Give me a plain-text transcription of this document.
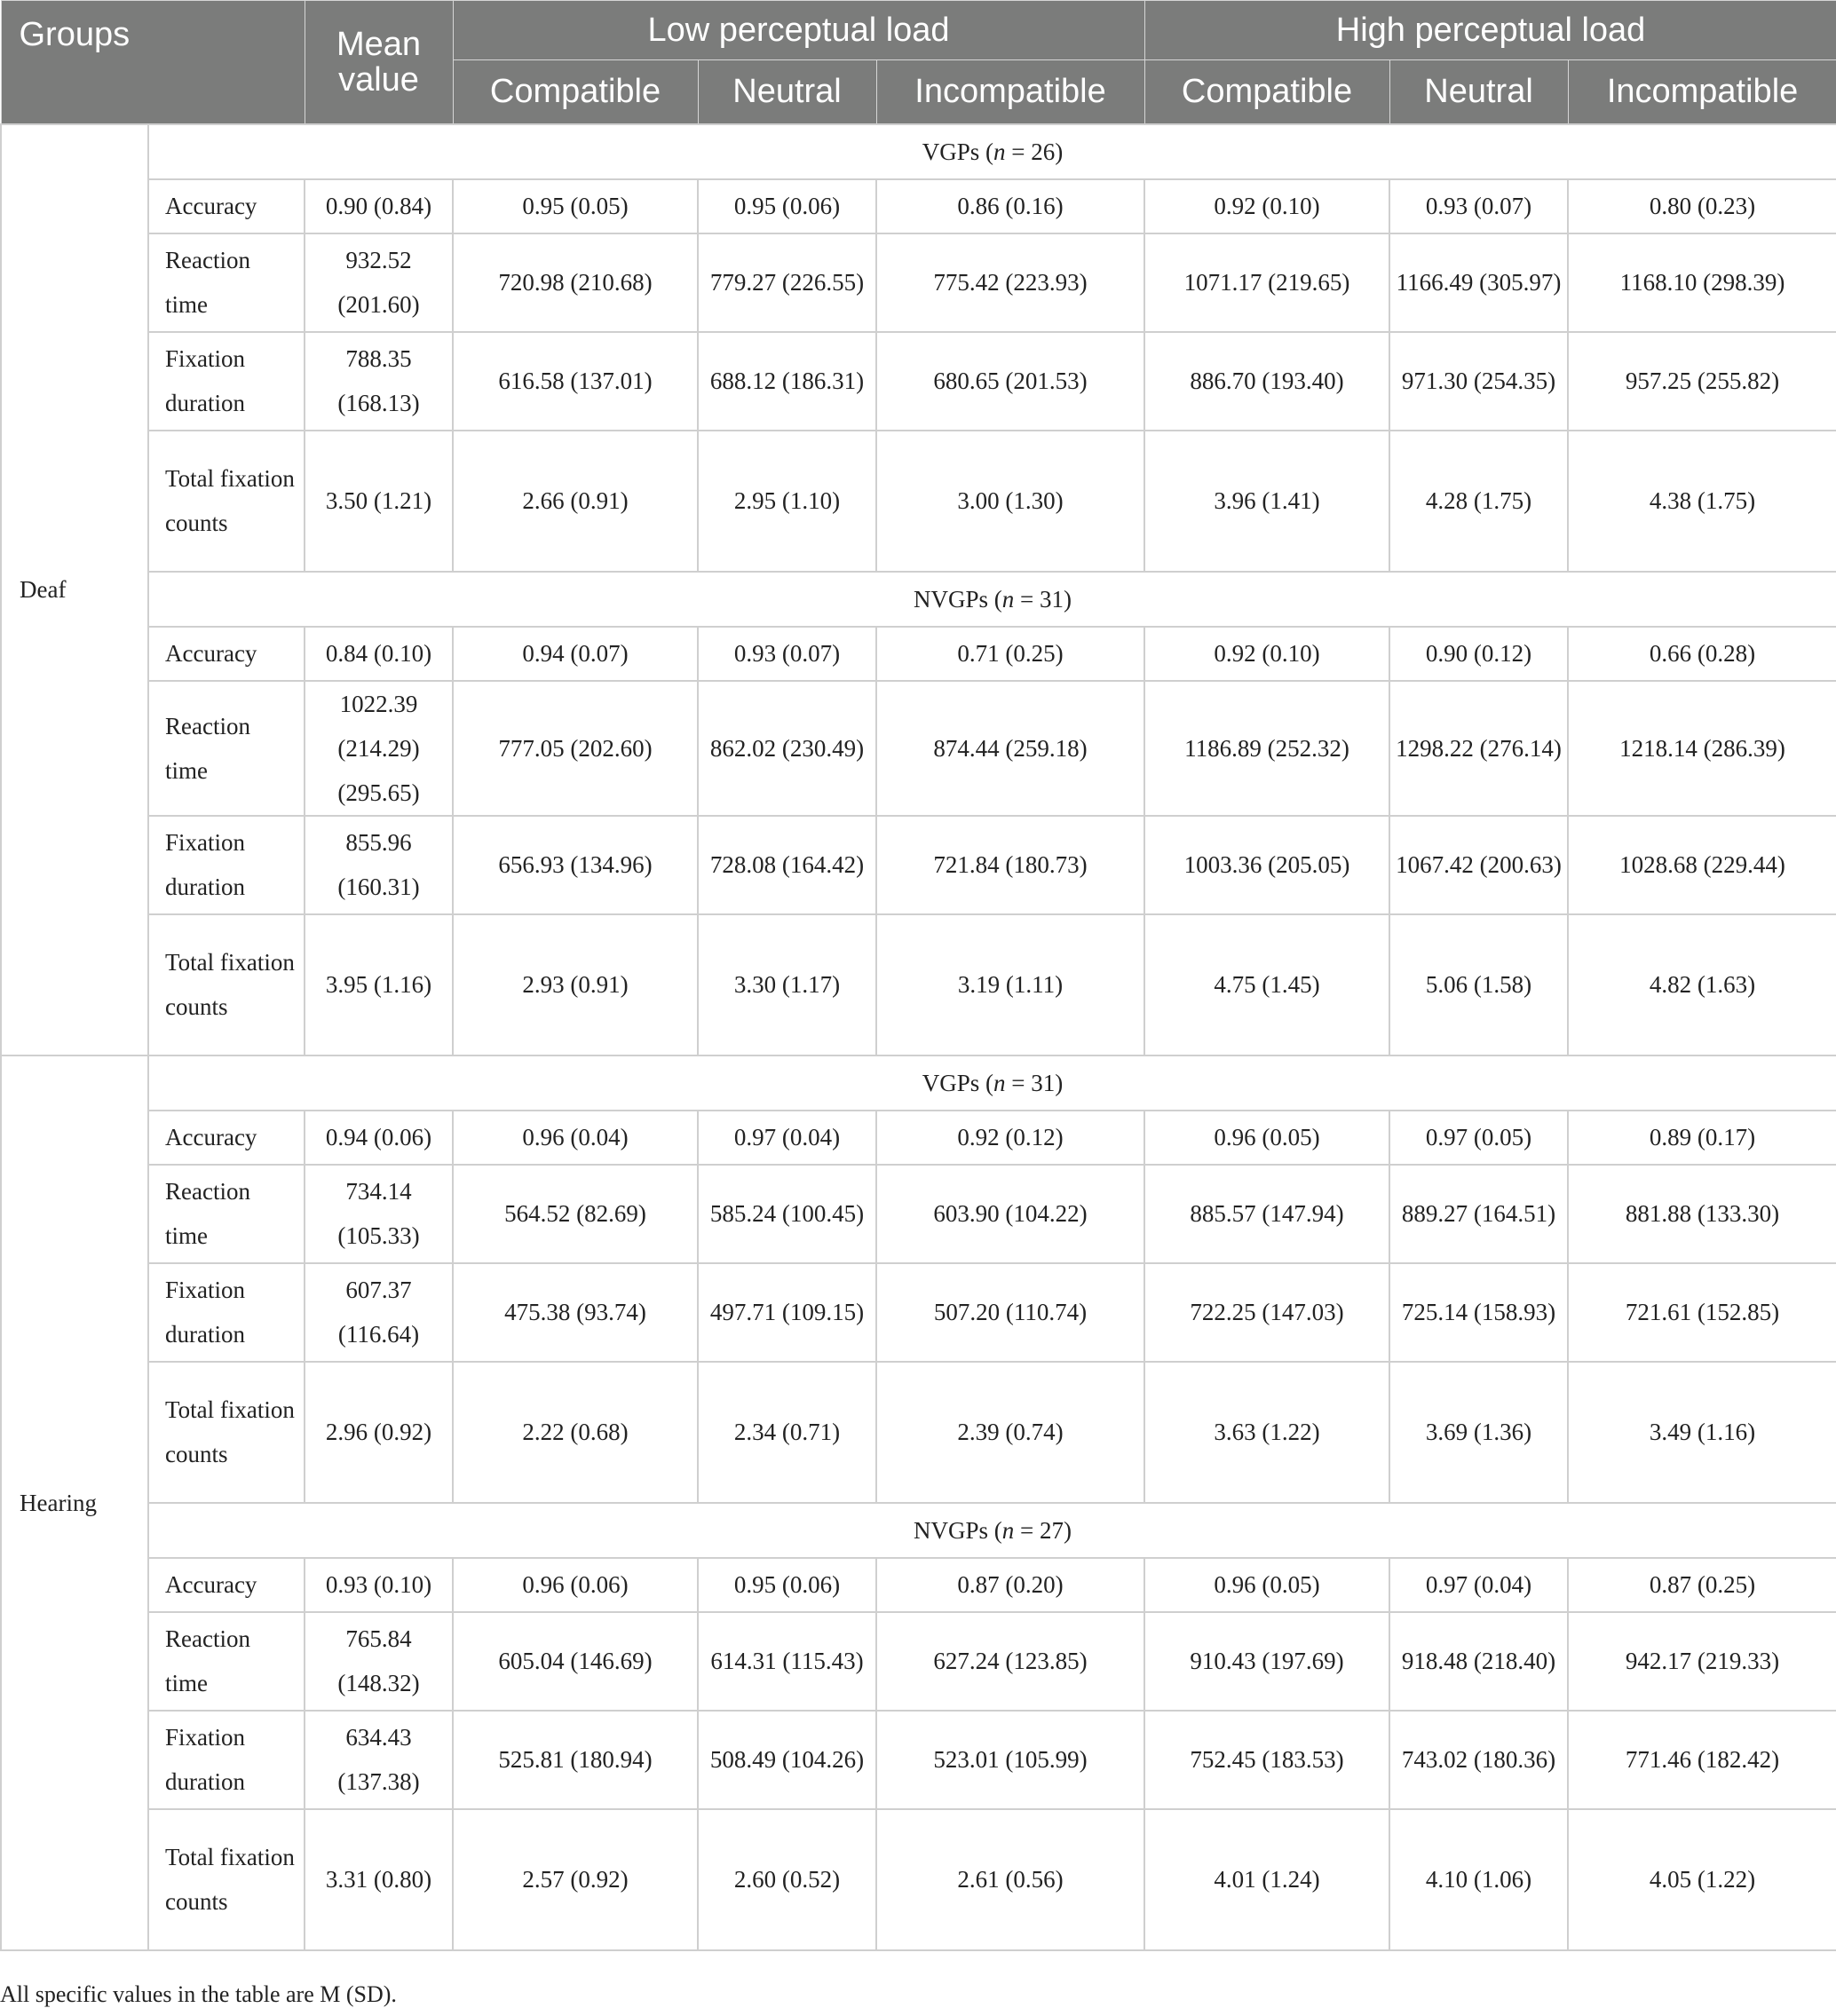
Groups		Mean value	Low perceptual load			High perceptual load		
			Compatible	Neutral	Incompatible	Compatible	Neutral	Incompatible
Deaf	VGPs (n = 26)							
	Accuracy	0.90 (0.84)	0.95 (0.05)	0.95 (0.06)	0.86 (0.16)	0.92 (0.10)	0.93 (0.07)	0.80 (0.23)
	Reaction time	932.52 (201.60)	720.98 (210.68)	779.27 (226.55)	775.42 (223.93)	1071.17 (219.65)	1166.49 (305.97)	1168.10 (298.39)
	Fixation duration	788.35 (168.13)	616.58 (137.01)	688.12 (186.31)	680.65 (201.53)	886.70 (193.40)	971.30 (254.35)	957.25 (255.82)
	Total fixation counts	3.50 (1.21)	2.66 (0.91)	2.95 (1.10)	3.00 (1.30)	3.96 (1.41)	4.28 (1.75)	4.38 (1.75)
	NVGPs (n = 31)							
	Accuracy	0.84 (0.10)	0.94 (0.07)	0.93 (0.07)	0.71 (0.25)	0.92 (0.10)	0.90 (0.12)	0.66 (0.28)
	Reaction time	1022.39 (214.29) (295.65)	777.05 (202.60)	862.02 (230.49)	874.44 (259.18)	1186.89 (252.32)	1298.22 (276.14)	1218.14 (286.39)
	Fixation duration	855.96 (160.31)	656.93 (134.96)	728.08 (164.42)	721.84 (180.73)	1003.36 (205.05)	1067.42 (200.63)	1028.68 (229.44)
	Total fixation counts	3.95 (1.16)	2.93 (0.91)	3.30 (1.17)	3.19 (1.11)	4.75 (1.45)	5.06 (1.58)	4.82 (1.63)
Hearing	VGPs (n = 31)							
	Accuracy	0.94 (0.06)	0.96 (0.04)	0.97 (0.04)	0.92 (0.12)	0.96 (0.05)	0.97 (0.05)	0.89 (0.17)
	Reaction time	734.14 (105.33)	564.52 (82.69)	585.24 (100.45)	603.90 (104.22)	885.57 (147.94)	889.27 (164.51)	881.88 (133.30)
	Fixation duration	607.37 (116.64)	475.38 (93.74)	497.71 (109.15)	507.20 (110.74)	722.25 (147.03)	725.14 (158.93)	721.61 (152.85)
	Total fixation counts	2.96 (0.92)	2.22 (0.68)	2.34 (0.71)	2.39 (0.74)	3.63 (1.22)	3.69 (1.36)	3.49 (1.16)
	NVGPs (n = 27)							
	Accuracy	0.93 (0.10)	0.96 (0.06)	0.95 (0.06)	0.87 (0.20)	0.96 (0.05)	0.97 (0.04)	0.87 (0.25)
	Reaction time	765.84 (148.32)	605.04 (146.69)	614.31 (115.43)	627.24 (123.85)	910.43 (197.69)	918.48 (218.40)	942.17 (219.33)
	Fixation duration	634.43 (137.38)	525.81 (180.94)	508.49 (104.26)	523.01 (105.99)	752.45 (183.53)	743.02 (180.36)	771.46 (182.42)
	Total fixation counts	3.31 (0.80)	2.57 (0.92)	2.60 (0.52)	2.61 (0.56)	4.01 (1.24)	4.10 (1.06)	4.05 (1.22)
All specific values in the table are M (SD).
